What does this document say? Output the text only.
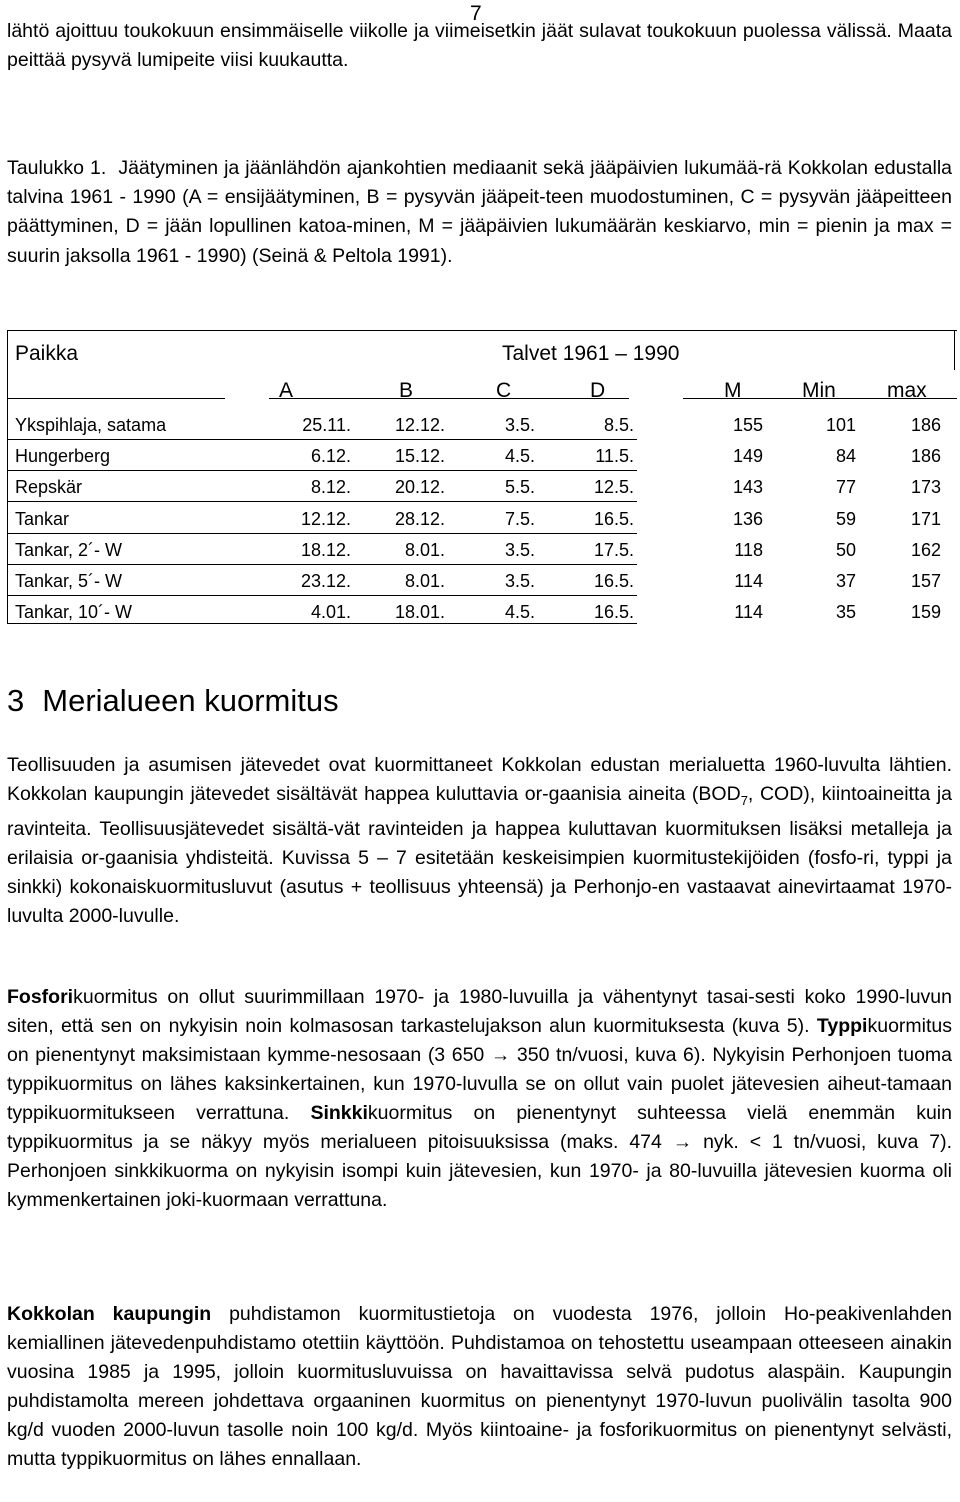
7

lähtö ajoittuu toukokuun ensimmäiselle viikolle ja viimeisetkin jäät sulavat toukokuun puolessa välissä. Maata peittää pysyvä lumipeite viisi kuukautta.

Taulukko 1. Jäätyminen ja jäänlähdön ajankohtien mediaanit sekä jääpäivien lukumää-rä Kokkolan edustalla talvina 1961 - 1990 (A = ensijäätyminen, B = pysyvän jääpeit-teen muodostuminen, C = pysyvän jääpeitteen päättyminen, D = jään lopullinen katoa-minen, M = jääpäivien lukumäärän keskiarvo, min = pienin ja max = suurin jaksolla 1961 - 1990) (Seinä & Peltola 1991).

Paikka	Talvet 1961 – 1990
A	B	C	D	M	Min max
Ykspihlaja, satama	25.11.	12.12.	3.5.	8.5.	155	101	186
Hungerberg	6.12.	15.12.	4.5.	11.5.	149	84	186
Repskär	8.12.	20.12.	5.5.	12.5.	143	77	173
Tankar	12.12.	28.12.	7.5.	16.5.	136	59	171
Tankar, 2´- W	18.12.	8.01.	3.5.	17.5.	118	50	162
Tankar, 5´- W	23.12.	8.01.	3.5.	16.5.	114	37	157
Tankar, 10´- W	4.01.	18.01.	4.5.	16.5.	114	35	159
3 Merialueen kuormitus

Teollisuuden ja asumisen jätevedet ovat kuormittaneet Kokkolan edustan merialuetta 1960-luvulta lähtien. Kokkolan kaupungin jätevedet sisältävät happea kuluttavia or-gaanisia aineita ($BOD_7$, COD), kiintoaineitta ja ravinteita. Teollisuusjätevedet sisältä-vät ravinteiden ja happea kuluttavan kuormituksen lisäksi metalleja ja erilaisia or-gaanisia yhdisteitä. Kuvissa 5 – 7 esitetään keskeisimpien kuormitustekijöiden (fosfo-ri, typpi ja sinkki) kokonaiskuormitusluvut (asutus + teollisuus yhteensä) ja Perhonjo-en vastaavat ainevirtaamat 1970-luvulta 2000-luvulle.

Fosforikuormitus on ollut suurimmillaan 1970- ja 1980-luvuilla ja vähentynyt tasai-sesti koko 1990-luvun siten, että sen on nykyisin noin kolmasosan tarkastelujakson alun kuormituksesta (kuva 5). Typpikuormitus on pienentynyt maksimistaan kymme-nesosaan (3 650 → 350 tn/vuosi, kuva 6). Nykyisin Perhonjoen tuoma typpikuormitus on lähes kaksinkertainen, kun 1970-luvulla se on ollut vain puolet jätevesien aiheut-tamaan typpikuormitukseen verrattuna. Sinkkikuormitus on pienentynyt suhteessa vielä enemmän kuin typpikuormitus ja se näkyy myös merialueen pitoisuuksissa (maks. 474 → nyk. < 1 tn/vuosi, kuva 7). Perhonjoen sinkkikuorma on nykyisin isompi kuin jätevesien, kun 1970- ja 80-luvuilla jätevesien kuorma oli kymmenkertainen joki-kuormaan verrattuna.

Kokkolan kaupungin puhdistamon kuormitustietoja on vuodesta 1976, jolloin Ho-peakivenlahden kemiallinen jätevedenpuhdistamo otettiin käyttöön. Puhdistamoa on tehostettu useampaan otteeseen ainakin vuosina 1985 ja 1995, jolloin kuormitusluvuissa on havaittavissa selvä pudotus alaspäin. Kaupungin puhdistamolta mereen johdettava orgaaninen kuormitus on pienentynyt 1970-luvun puolivälin tasolta 900 kg/d vuoden 2000-luvun tasolle noin 100 kg/d. Myös kiintoaine- ja fosforikuormitus on pienentynyt selvästi, mutta typpikuormitus on lähes ennallaan.
